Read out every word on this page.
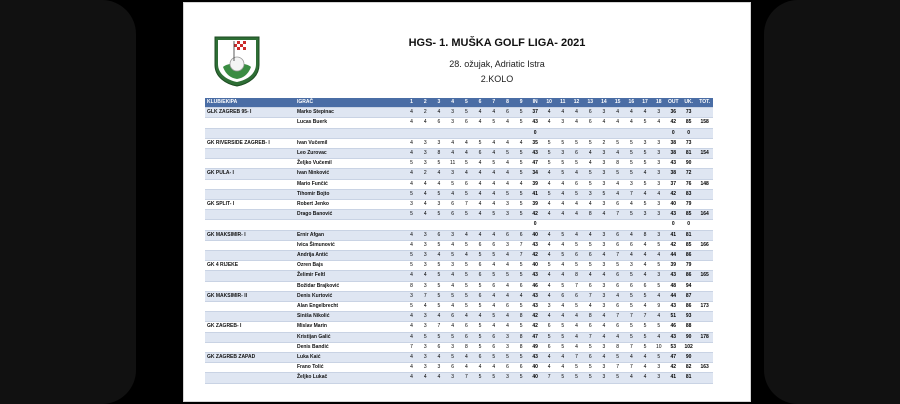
HGS- 1. MUŠKA GOLF LIGA- 2021
28. ožujak, Adriatic Istra
2.KOLO
KLUB/EKIPA	IGRAČ	1	2	3	4	5	6	7	8	9	IN	10	11	12	13	14	15	16	17	18	OUT	UK.	TOT.
GLK ZAGREB 95- I	Marko Stepinac	4	2	4	3	5	4	4	6	5	37	4	4	4	6	3	4	4	4	3	36	73	
	Lucas Buerk	4	4	6	3	6	4	5	4	5	43	4	3	4	6	4	4	4	5	4	42	85	158
											0										0	0	
GK RIVERSIDE ZAGREB- I	Ivan Vučemil	4	3	3	4	4	5	4	4	4	35	5	5	5	5	2	5	5	3	3	38	73	
	Leo Zurovac	4	3	8	4	4	6	4	5	5	43	5	3	6	4	3	4	5	5	3	38	81	154
	Željko Vučemil	5	3	5	11	5	4	5	4	5	47	5	5	5	4	3	8	5	5	3	43	90	
GK PULA- I	Ivan Ninković	4	2	4	3	4	4	4	4	5	34	4	5	4	5	3	5	5	4	3	38	72	
	Mario Funčić	4	4	4	5	6	4	4	4	4	39	4	4	6	5	3	4	3	5	3	37	76	148
	Tihomir Bojto	5	4	5	4	5	4	4	5	5	41	5	4	5	3	5	4	7	4	4	42	83	
GK SPLIT- I	Robert Jenko	3	4	3	6	7	4	4	3	5	39	4	4	4	4	3	6	4	5	3	40	79	
	Drago Banović	5	4	5	6	5	4	5	3	5	42	4	4	4	8	4	7	5	3	3	43	85	164
											0										0	0	
GK MAKSIMIR- I	Ernir Afgan	4	3	6	3	4	4	4	6	6	40	4	5	4	4	3	6	4	8	3	41	81	
	Ivica Šimunović	4	3	5	4	5	6	6	3	7	43	4	4	5	5	3	6	6	4	5	42	85	166
	Andrija Antić	5	3	4	5	4	5	5	4	7	42	4	5	6	6	4	7	4	4	4	44	86	
GK 4 RIJEKE	Ozren Bajs	5	3	5	3	5	6	4	4	5	40	5	4	5	5	3	5	3	4	5	39	79	
	Želimir Feltl	4	4	5	4	5	6	5	5	5	43	4	4	8	4	4	6	5	4	3	43	86	165
	Božidar Brajković	8	3	5	4	5	5	6	4	6	46	4	5	7	6	3	6	6	6	5	48	94	
GK MAKSIMIR- II	Denis Kurtović	3	7	5	5	5	6	4	4	4	43	4	6	6	7	3	4	5	5	4	44	87	
	Alan Engelbrecht	5	4	5	4	5	5	4	6	5	43	3	4	5	4	3	6	5	4	9	43	86	173
	Siniša Nikolić	4	3	4	6	4	4	5	4	8	42	4	4	4	8	4	7	7	7	4	51	93	
GK ZAGREB- I	Mislav Marin	4	3	7	4	6	5	4	4	5	42	6	5	4	6	4	6	5	5	5	46	88	
	Kristijan Galić	4	5	5	5	6	5	6	3	8	47	5	5	4	7	4	4	5	5	4	43	90	178
	Denis Bandić	7	3	6	3	8	5	6	3	8	49	6	5	4	5	3	8	7	5	10	53	102	
GK ZAGREB ZAPAD	Luka Kaić	4	3	4	5	4	6	5	5	5	43	4	4	7	6	4	5	4	4	5	47	90	
	Frano Tolić	4	3	3	6	4	4	4	6	6	40	4	4	5	5	3	7	7	4	3	42	82	163
	Željko Lukač	4	4	4	3	7	5	5	3	5	40	7	5	5	5	3	5	4	4	3	41	81	
